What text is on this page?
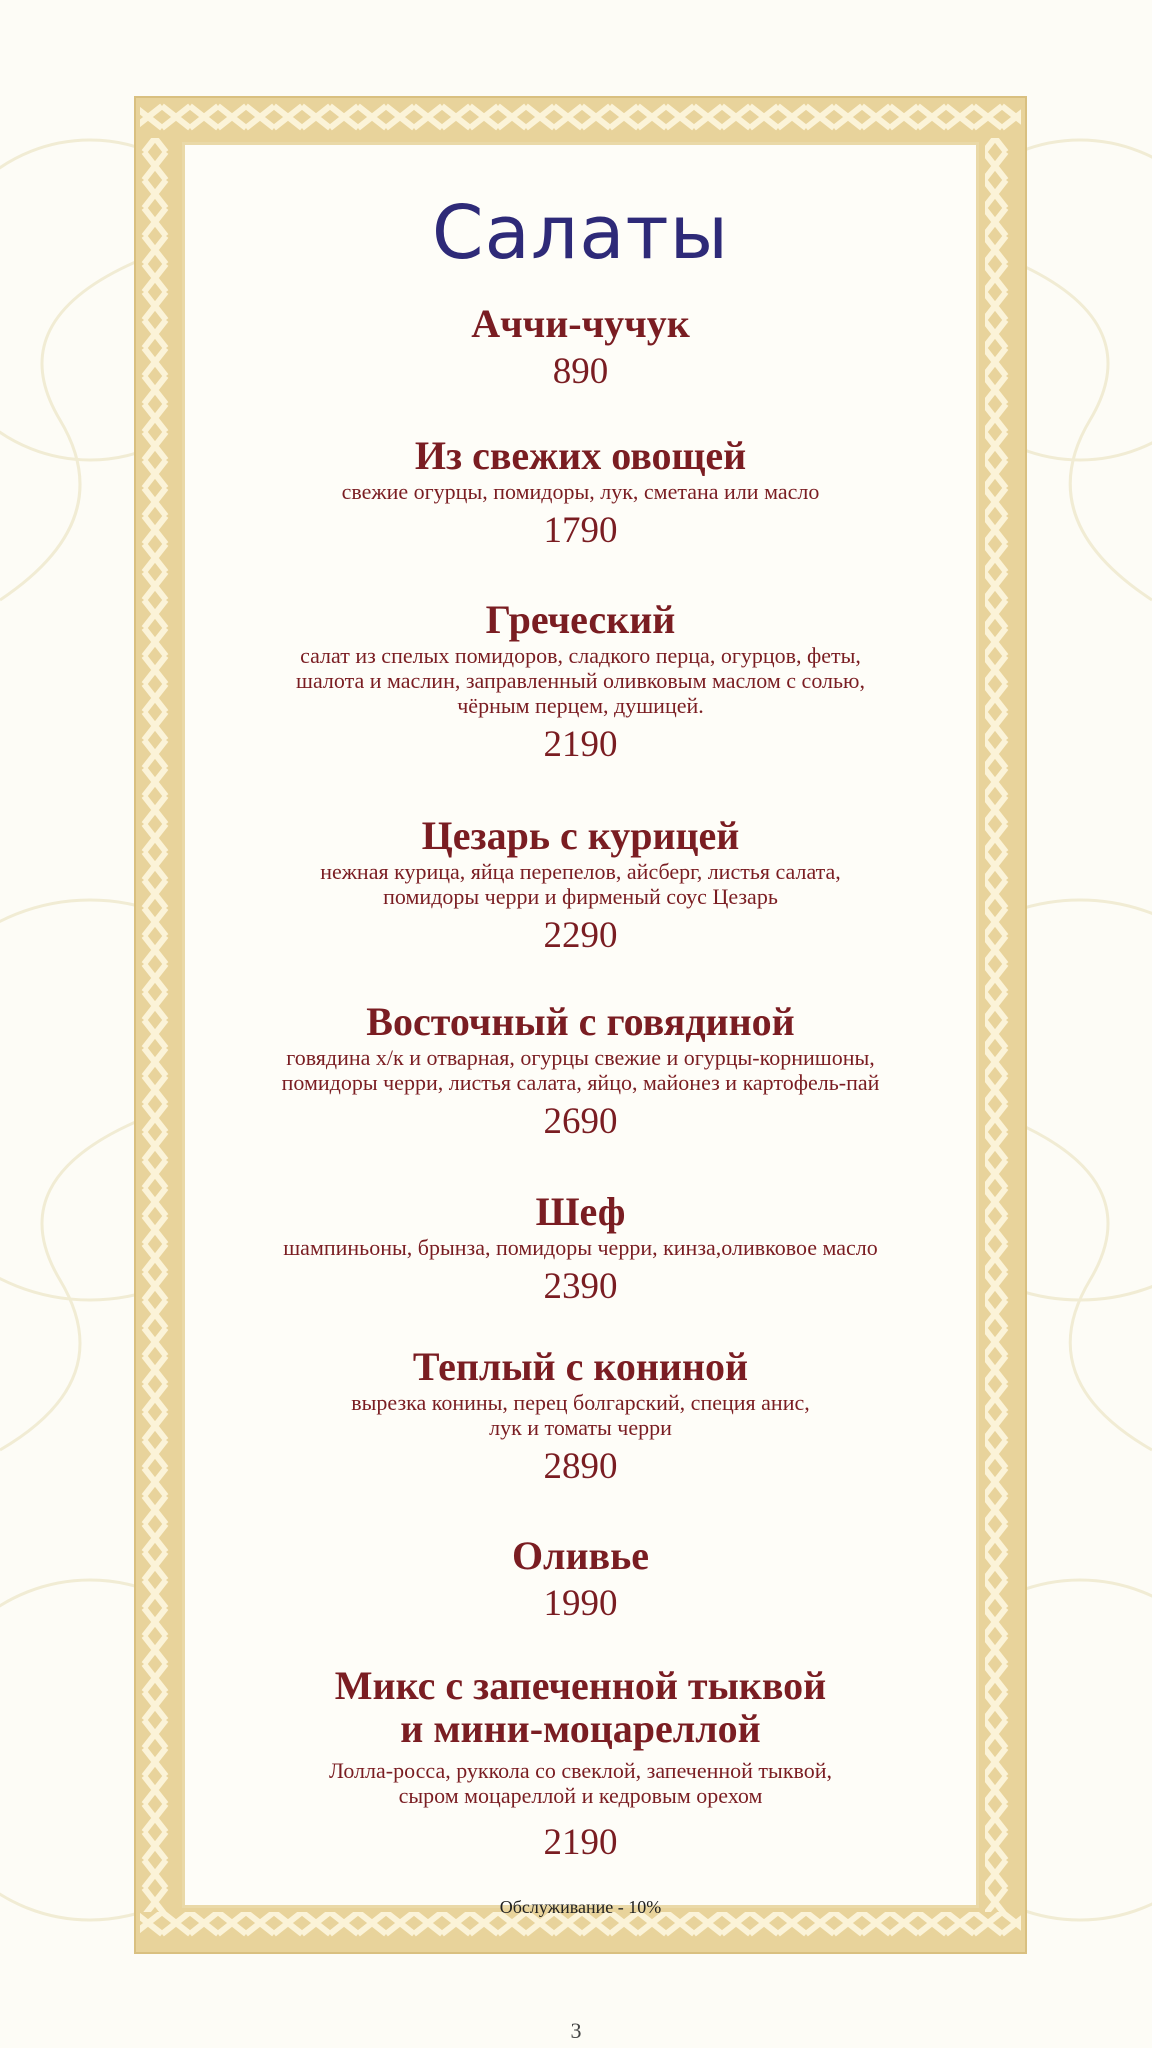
Салаты
Аччи-чучук
890
Из свежих овощей
свежие огурцы, помидоры, лук, сметана или масло
1790
Греческий
салат из спелых помидоров, сладкого перца, огурцов, феты,
шалота и маслин, заправленный оливковым маслом с солью,
чёрным перцем, душицей.
2190
Цезарь с курицей
нежная курица, яйца перепелов, айсберг, листья салата,
помидоры черри и фирменый соус Цезарь
2290
Восточный с говядиной
говядина х/к и отварная, огурцы свежие и огурцы-корнишоны,
помидоры черри, листья салата, яйцо, майонез и картофель-пай
2690
Шеф
шампиньоны, брынза, помидоры черри, кинза,оливковое масло
2390
Теплый с кониной
вырезка конины, перец болгарский, специя анис,
лук и томаты черри
2890
Оливье
1990
Микс с запеченной тыквой
и мини-моцареллой
Лолла-росса, руккола со свеклой, запеченной тыквой,
сыром моцареллой и кедровым орехом
2190
Обслуживание - 10%
3
